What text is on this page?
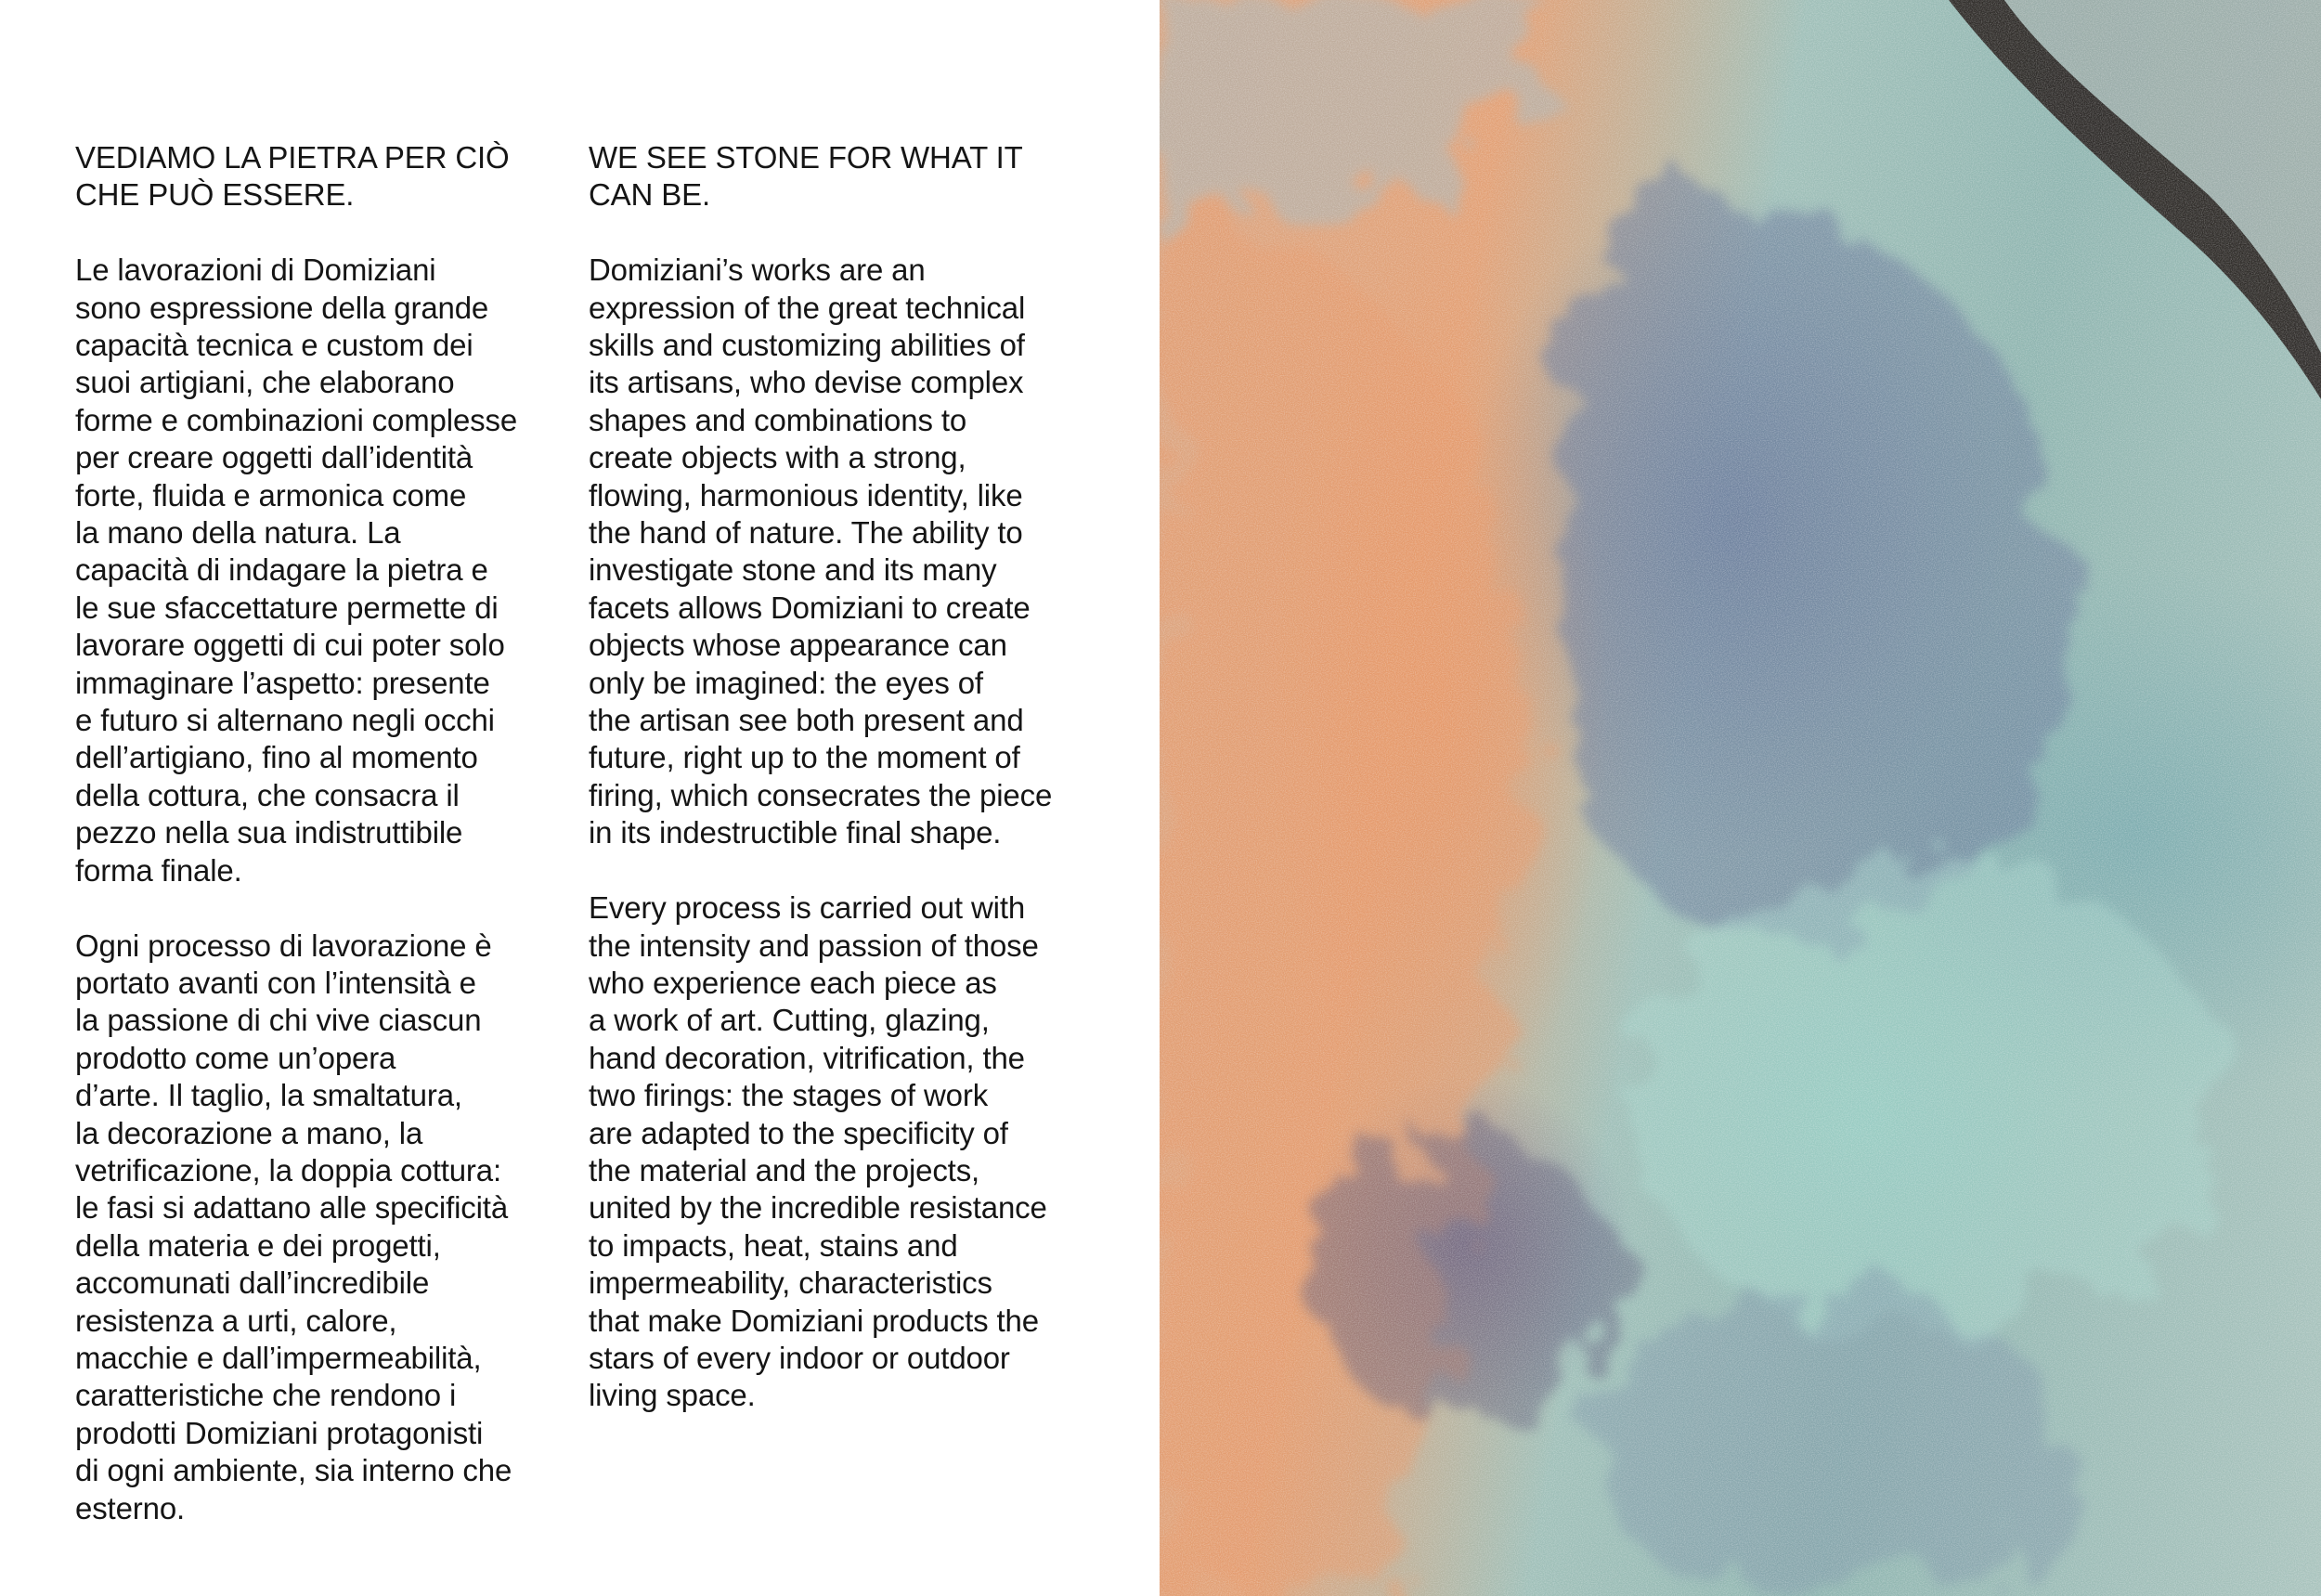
VEDIAMO LA PIETRA PER CIÒ
CHE PUÒ ESSERE.

Le lavorazioni di Domiziani
sono espressione della grande
capacità tecnica e custom dei
suoi artigiani, che elaborano
forme e combinazioni complesse
per creare oggetti dall’identità
forte, fluida e armonica come
la mano della natura. La
capacità di indagare la pietra e
le sue sfaccettature permette di
lavorare oggetti di cui poter solo
immaginare l’aspetto: presente
e futuro si alternano negli occhi
dell’artigiano, fino al momento
della cottura, che consacra il
pezzo nella sua indistruttibile
forma finale.

Ogni processo di lavorazione è
portato avanti con l’intensità e
la passione di chi vive ciascun
prodotto come un’opera
d’arte. Il taglio, la smaltatura,
la decorazione a mano, la
vetrificazione, la doppia cottura:
le fasi si adattano alle specificità
della materia e dei progetti,
accomunati dall’incredibile
resistenza a urti, calore,
macchie e dall’impermeabilità,
caratteristiche che rendono i
prodotti Domiziani protagonisti
di ogni ambiente, sia interno che
esterno.

WE SEE STONE FOR WHAT IT
CAN BE.

Domiziani’s works are an
expression of the great technical
skills and customizing abilities of
its artisans, who devise complex
shapes and combinations to
create objects with a strong,
flowing, harmonious identity, like
the hand of nature. The ability to
investigate stone and its many
facets allows Domiziani to create
objects whose appearance can
only be imagined: the eyes of
the artisan see both present and
future, right up to the moment of
firing, which consecrates the piece
in its indestructible final shape.

Every process is carried out with
the intensity and passion of those
who experience each piece as
a work of art. Cutting, glazing,
hand decoration, vitrification, the
two firings: the stages of work
are adapted to the specificity of
the material and the projects,
united by the incredible resistance
to impacts, heat, stains and
impermeability, characteristics
that make Domiziani products the
stars of every indoor or outdoor
living space.
